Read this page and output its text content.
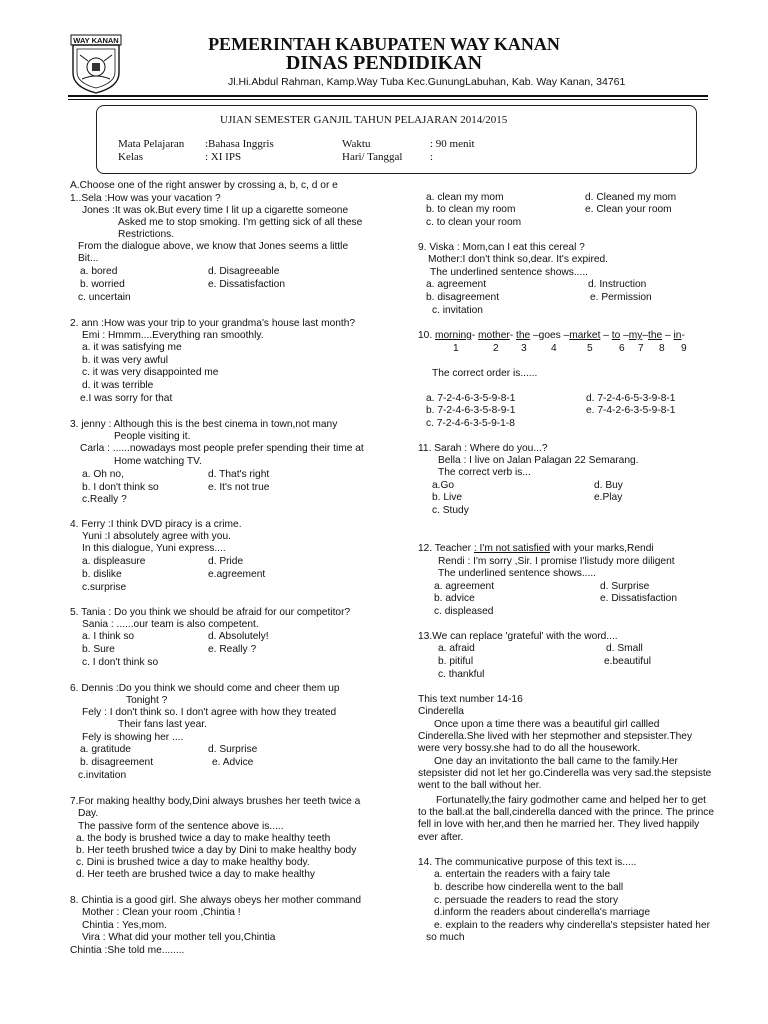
WAY KANAN	PEMERINTAH KABUPATEN WAY KANAN
DINAS PENDIDIKAN
Jl.Hi.Abdul Rahman, Kamp.Way Tuba Kec.GunungLabuhan, Kab. Way Kanan, 34761
UJIAN SEMESTER GANJIL TAHUN PELAJARAN 2014/2015
Mata Pelajaran :Bahasa Inggris	Waktu	: 90 menit
Kelas	: XI IPS	Hari/ Tanggal	:
A.Choose one of the right answer by crossing a, b, c, d or e
1..Sela :How was your vacation ?
Jones :It was ok.But every time I lit up a cigarette someone
Asked me to stop smoking. I'm getting sick of all these
Restrictions.
From the dialogue above, we know that Jones seems a little
Bit...
a. bored	d. Disagreeable
b. worried	e. Dissatisfaction
c. uncertain
2. ann :How was your trip to your grandma's house last month?
Emi : Hmmm....Everything ran smoothly.
a. it was satisfying me
b. it was very awful
c. it was very disappointed me
d. it was terrible
e.I was sorry for that
3. jenny : Although this is the best cinema in town,not many
People visiting it.
Carla : ......nowadays most people prefer spending their time at
Home watching TV.
a. Oh no,	d. That's right
b. I don't think so	e. It's not true
c.Really ?
4. Ferry :I think DVD piracy is a crime.
Yuni :I absolutely agree with you.
In this dialogue, Yuni express....
a. displeasure	d. Pride
b. dislike	e.agreement
c.surprise
5. Tania : Do you think we should be afraid for our competitor?
Sania : ......our team is also competent.
a. I think so	d. Absolutely!
b. Sure	e. Really ?
c. I don't think so
6. Dennis :Do you think we should come and cheer them up
Tonight ?
Fely : I don't think so. I don't agree with how they treated
Their fans last year.
Fely is showing her ....
a. gratitude	d. Surprise
b. disagreement	e. Advice
c.invitation
7.For making healthy body,Dini always brushes her teeth twice a
Day.
The passive form of the sentence above is.....
a. the body is brushed twice a day to make healthy teeth
b. Her teeth brushed twice a day by Dini to make healthy body
c. Dini is brushed twice a day to make healthy body.
d. Her teeth are brushed twice a day to make healthy
8. Chintia is a good girl. She always obeys her mother command
Mother : Clean your room ,Chintia !
Chintia : Yes,mom.
Vira : What did your mother tell you,Chintia
Chintia :She told me........
a. clean my mom	d. Cleaned my mom
b. to clean my room	e. Clean your room
c. to clean your room
9. Viska : Mom,can I eat this cereal ?
Mother:I don't think so,dear. It's expired.
The underlined sentence shows.....
a. agreement	d. Instruction
b. disagreement	e. Permission
c. invitation
The correct order is......
a. 7-2-4-6-3-5-9-8-1	d. 7-2-4-6-5-3-9-8-1
b. 7-2-4-6-3-5-8-9-1	e. 7-4-2-6-3-5-9-8-1
c. 7-2-4-6-3-5-9-1-8
11. Sarah : Where do you...?
Bella : I live on Jalan Palagan 22 Semarang.
The correct verb is...
a.Go	d. Buy
b. Live	e.Play
c. Study
Rendi : I'm sorry ,Sir. I promise I'listudy more diligent
The underlined sentence shows.....
a. agreement	d. Surprise
b. advice	e. Dissatisfaction
c. displeased
13.We can replace 'grateful' with the word....
a. afraid	d. Small
b. pitiful	e.beautiful
c. thankful
This text number 14-16
Cinderella
Once upon a time there was a beautiful girl callled
Cinderella.She lived with her stepmother and stepsister.They
were very bossy.she had to do all the housework.
One day an invitationto the ball came to the family.Her
stepsister did not let her go.Cinderella was very sad.the stepsiste
went to the ball without her.
Fortunatelly,the fairy godmother came and helped her to get
to the ball.at the ball,cinderella danced with the prince. The prince
fell in love with her,and then he married her. They lived happily
ever after.
14. The communicative purpose of this text is.....
a. entertain the readers with a fairy tale
b. describe how cinderella went to the ball
c. persuade the readers to read the story
d.inform the readers about cinderella's marriage
e. explain to the readers why cinderella's stepsister hated her
so much
10. morning- mother- the –goes –market – to –my–the – in-
1	2 3 4	5	6 7 8 9
12. Teacher : I'm not satisfied with your marks,Rendi
